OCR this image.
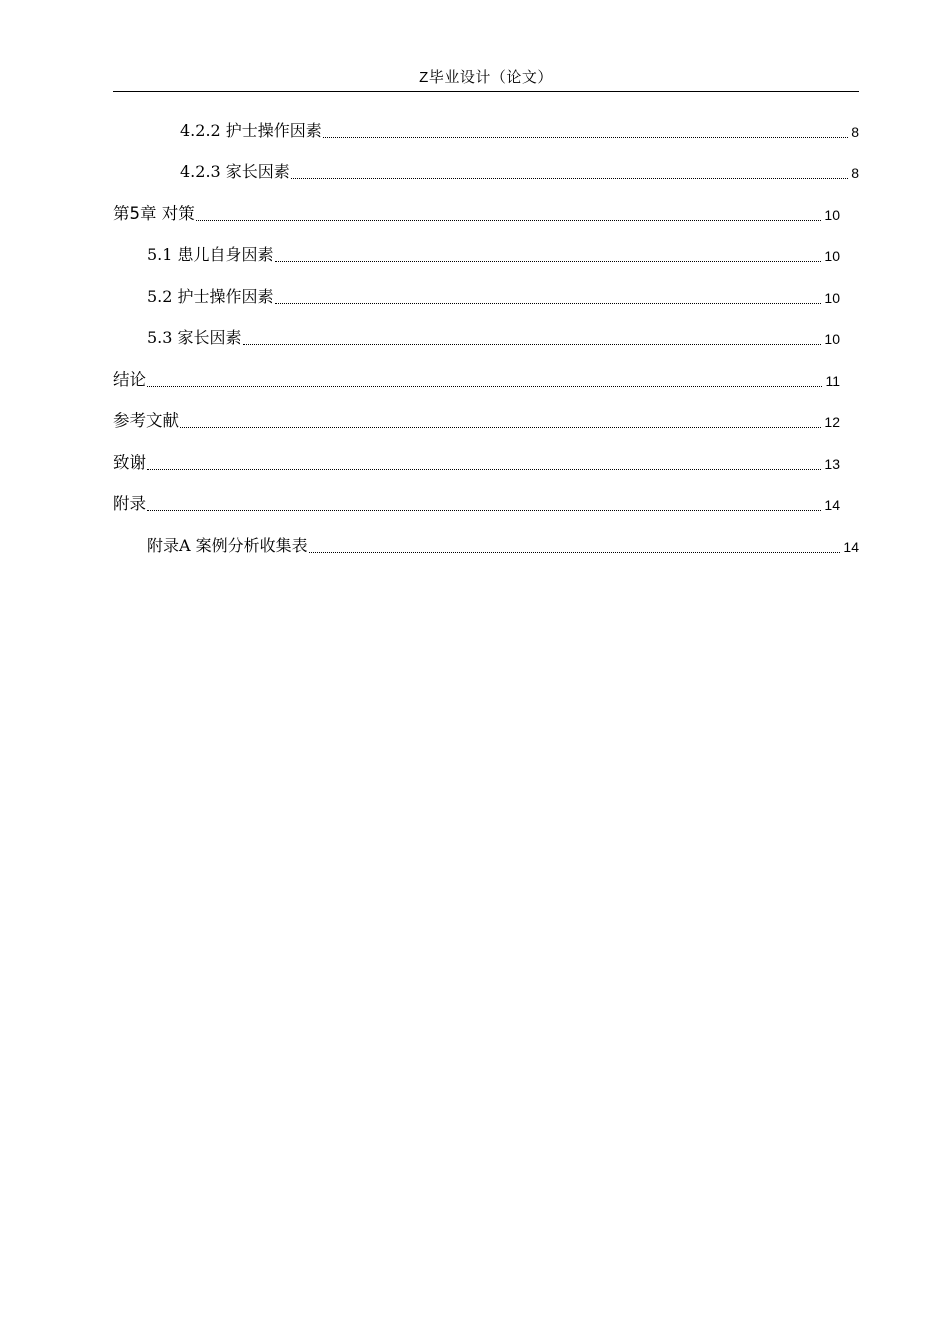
Z毕业设计（论文）
4.2.2 护士操作因素	8
4.2.3 家长因素	8
第5章 对策	10
5.1 患儿自身因素	10
5.2 护士操作因素	10
5.3 家长因素	10
结论	11
参考文献	12
致谢	13
附录	14
附录A 案例分析收集表	14
